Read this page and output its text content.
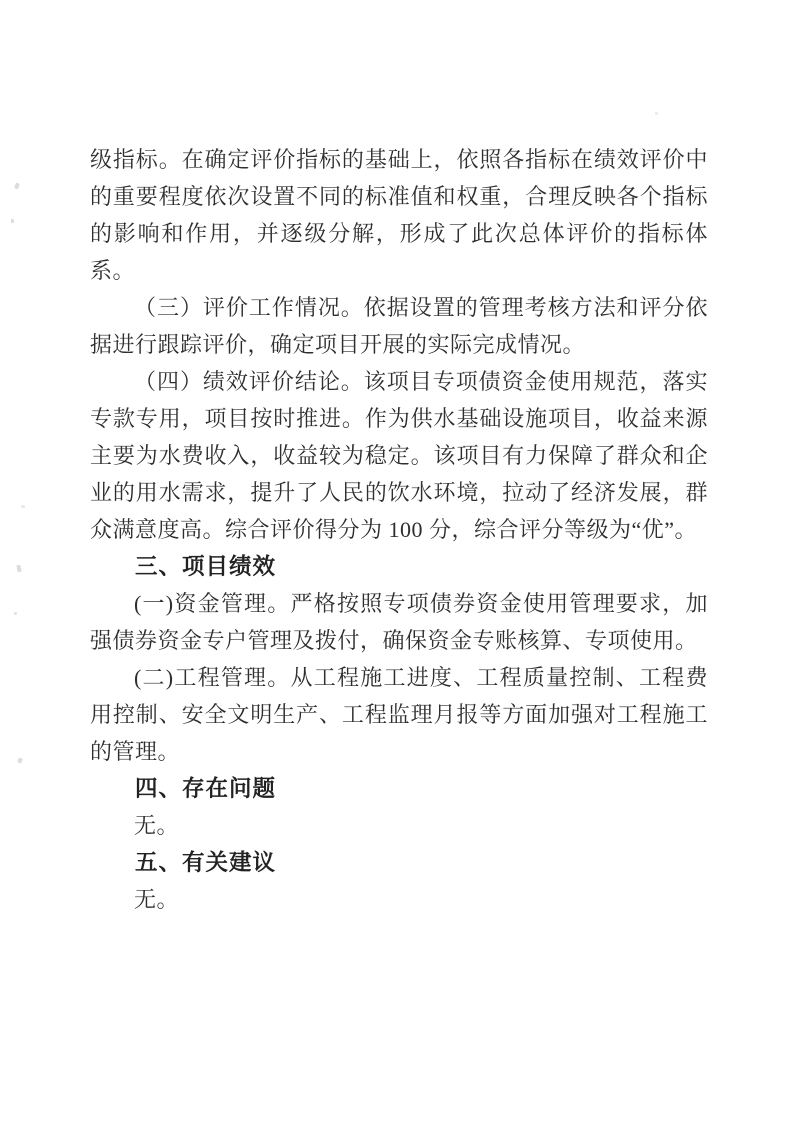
级指标。在确定评价指标的基础上，依照各指标在绩效评价中的重要程度依次设置不同的标准值和权重，合理反映各个指标的影响和作用，并逐级分解，形成了此次总体评价的指标体系。

（三）评价工作情况。依据设置的管理考核方法和评分依据进行跟踪评价，确定项目开展的实际完成情况。

（四）绩效评价结论。该项目专项债资金使用规范，落实专款专用，项目按时推进。作为供水基础设施项目，收益来源主要为水费收入，收益较为稳定。该项目有力保障了群众和企业的用水需求，提升了人民的饮水环境，拉动了经济发展，群众满意度高。综合评价得分为 100 分，综合评分等级为“优”。

三、项目绩效

(一)资金管理。严格按照专项债券资金使用管理要求，加强债券资金专户管理及拨付，确保资金专账核算、专项使用。

(二)工程管理。从工程施工进度、工程质量控制、工程费用控制、安全文明生产、工程监理月报等方面加强对工程施工的管理。

四、存在问题

无。

五、有关建议

无。
